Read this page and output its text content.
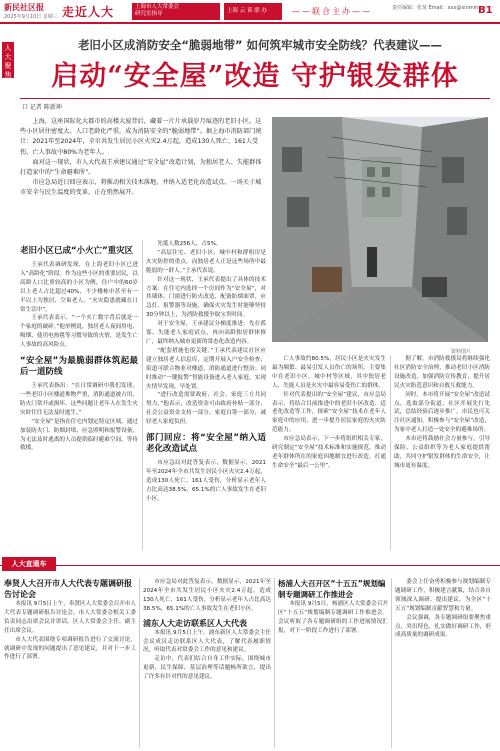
新民社区报
2025年9月10日 星期三 走近人大	上海市人大常委会
研究室指导	上海 云 诉 联 办	——联合主办——	责任编辑：张某 Email：xxx@xinmin.cn
B1
人大聚焦
老旧小区成消防安全“脆弱地带” 如何筑牢城市安全防线？代表建议——
启动“安全屋”改造 守护银发群体
口 记者 陈新坤

上海，这座国际化大都市的高楼大厦背后，藏着一片片承载岁月痕迹的老旧小区。这些小区居住密度大、人口老龄化严重，成为消防安全的“脆弱地带”。据上海市消防部门统计：2021年至2024年，全市共发生居民小区火灾2.4万起，造成130人死亡、161人受伤，亡人事故中80%为老年人。

面对这一现状，市人大代表王承建议通过“安全屋”改造计划，为独居老人、失能群体打造家中的“生命避难所”。

市应急局近日回应表示，将推动相关技术落地，并纳入适老化改造试点。一场关于城市安全与民生温度的变革，正在悄然展开。

资料图片

老旧小区已成“小火亡”重灾区

王承代表调研发现，在上海老旧小区已进入“高龄化”阶段。作为这些小区的重要居民，以高龄人口比重较高的小区为例，住户中的60岁以上老人占比超过40%，不少楼栋中甚至有一半以上为独居、空巢老人，“火灾隐患就藏在日常生活中”。

王承代表表示，“一个火亡数字背后就是一个家庭的破碎。”他举例说，独居老人夜间用电、吸烟、使用电热毯等习惯导致的火情，是发生亡人事故的高风险点。

“安全屋”为最脆弱群体筑起最后一道防线

王承代表指出：“在日常调研中我们发现，一些老旧小区楼道堆物严重，消防通道被占用，防火门常开或损坏，这些问题让老年人在发生火灾时往往无法及时逃生。”

“安全屋”是指在住宅内划定特定区域，通过加装防火门、防烟封堵、应急照明和报警设备，为无法及时逃离的人员提供临时避难空间，等待救援。

先抵人数256人，占5%。

“高层住宅、老旧小区、城中村和群租房是火灾防控的重点，而独居老人正是这些场所中最脆弱的一群人。”王承代表说。

针对这一现状，王承代表提出了具体的技术方案：在住宅内选择一个房间作为“安全屋”，对其墙体、门窗进行防火改造，配备防烟面罩、应急灯、报警器等设施，确保火灾发生时能够坚持30分钟以上，为消防救援争取宝贵时间。

对于安全屋，王承建议分梯度推进：先在孤寡、失能老人家庭试点，再向高龄独居群体推广，最终纳入城市更新的常态化改造内容。

“配套措施也很关键，”王承代表建议社区应建立独居老人信息库，定期开展入户安全检查；街道可联合物业对楼道、消防通道进行整治；同时推动“一键报警”智能设备进入老人家庭，实现火情早发现、早处置。

“进行改造需要政府、社会、家庭三方共同努力，”他表示，改造资金可由政府补贴一部分、社会公益资金支持一部分、家庭自筹一部分，减轻老人家庭负担。

部门回应：将“安全屋”纳入适老化改造试点

市应急局对此答复表示，数据显示，2021年至2024年全市共发生居民小区火灾2.4万起，造成130人死亡、161人受伤，分析显示老年人占比高达38.5%，65.1%的亡人事故发生在老旧小区。

亡人事故约80.5%，居民小区是火灾发生最为频繁、最易引发人员伤亡的场所。主要集中在老旧小区、城中村等区域，其中独居老人、失能人员是火灾中最容易受伤亡的群体。

针对代表提出的“安全屋”建议，市应急局表示，将结合目前推进中的老旧小区改造、适老化改造等工作，探索“安全屋”技术在老年人家庭中的应用，进一步提升居民家庭的火灾防范能力。

市应急局表示，下一步将组织相关专家，研究制定“安全屋”技术标准和实施规范，推动老年群体所在的家庭因地制宜进行改造，打通生命安全“最后一公里”。

据了解，市消防救援局将继续强化社区消防安全治理，推动老旧小区消防设施改造，加强消防宣传教育，提升居民火灾防范意识和自救互救能力。

同时，本市将开展“安全屋”改造试点，选取部分街道、社区开展先行先试，总结经验后逐步推广。市民也可关注社区通知，积极参与“安全屋”改造，为家中老人打造一处安全的避难场所。

本市还将鼓励社会力量参与，引导保险、公益组织等为老人家庭提供帮助，共同守护银发群体的生命安全，让城市更有温度。

人大直通车
奉贤人大召开市人大代表专题调研报告讨论会

本报讯 9月5日上午，奉贤区人大常委会召开市人大代表专题调研报告讨论会，市人大常委会相关工委负责同志出席会议并讲话。区人大常委会主任、副主任出席会议。

市人大代表围绕专项调研报告进行了交流讨论，就调研中发现的问题提出了意见建议，并对下一步工作进行了部署。

市应急局对此答复表示，数据显示，2021年至2024年全市共发生居民小区火灾2.4万起，造成130人死亡、161人受伤，分析显示老年人占比高达38.5%，65.1%的亡人事故发生在老旧小区。

浦东人大走访联系区人大代表

本报讯 9月5日上午，浦东新区人大常委会主任会议成员走访联系区人大代表，了解代表履职情况，听取代表对常委会工作的意见和建议。

走访中，代表们结合自身工作实际，围绕城市更新、民生保障、基层治理等话题畅所欲言，提出了许多有针对性的意见建议。

杨浦人大召开区“十五五”规划编制专题调研工作推进会

本报讯 9月5日，杨浦区人大常委会召开区“十五五”规划编制专题调研工作推进会。会议听取了各专题调研组的工作进展情况汇报，对下一阶段工作进行了部署。

委会上任奋勇积极参与规划编制专题调研工作，积极建言献策，结合各自领域深入调研、提出建议，为全区“十五五”规划编制贡献智慧和力量。

会议强调，各专题调研组要聚焦重点、突出特色，扎实做好调研工作，形成高质量的调研成果。
